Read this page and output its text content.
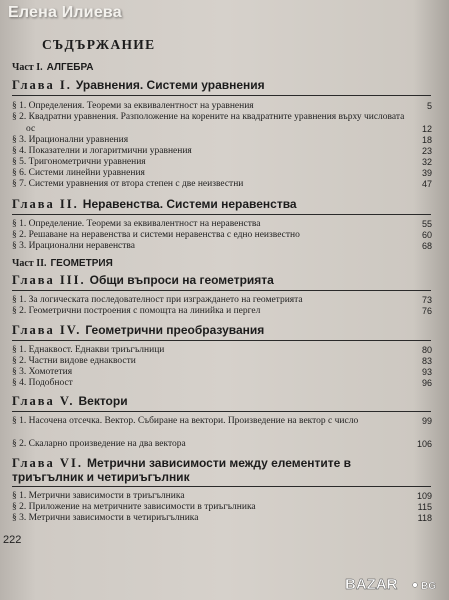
Елена Илиева
СЪДЪРЖАНИЕ
Част I. АЛГЕБРА
Глава I. Уравнения. Системи уравнения
§ 1. Определения. Теореми за еквивалентност на уравнения	5
§ 2. Квадратни уравнения. Разположение на корените на квадратните уравнения върху числовата ос	12
§ 3. Ирационални уравнения	18
§ 4. Показателни и логаритмични уравнения	23
§ 5. Тригонометрични уравнения	32
§ 6. Системи линейни уравнения	39
§ 7. Системи уравнения от втора степен с две неизвестни	47
Глава II. Неравенства. Системи неравенства
§ 1. Определение. Теореми за еквивалентност на неравенства	55
§ 2. Решаване на неравенства и системи неравенства с едно неизвестно	60
§ 3. Ирационални неравенства	68
Част II. ГЕОМЕТРИЯ
Глава III. Общи въпроси на геометрията
§ 1. За логическата последователност при изграждането на геометрията	73
§ 2. Геометрични построения с помощта на линийка и пергел	76
Глава IV. Геометрични преобразувания
§ 1. Еднаквост. Еднакви триъгълници	80
§ 2. Частни видове еднаквости	83
§ 3. Хомотетия	93
§ 4. Подобност	96
Глава V. Вектори
§ 1. Насочена отсечка. Вектор. Събиране на вектори. Произведение на вектор с число	99
§ 2. Скаларно произведение на два вектора	106
Глава VI. Метрични зависимости между елементите в триъгълник и четириъгълник
§ 1. Метрични зависимости в триъгълника	109
§ 2. Приложение на метричните зависимости в триъгълника	115
§ 3. Метрични зависимости в четириъгълника	118
222
BAZAR BG
